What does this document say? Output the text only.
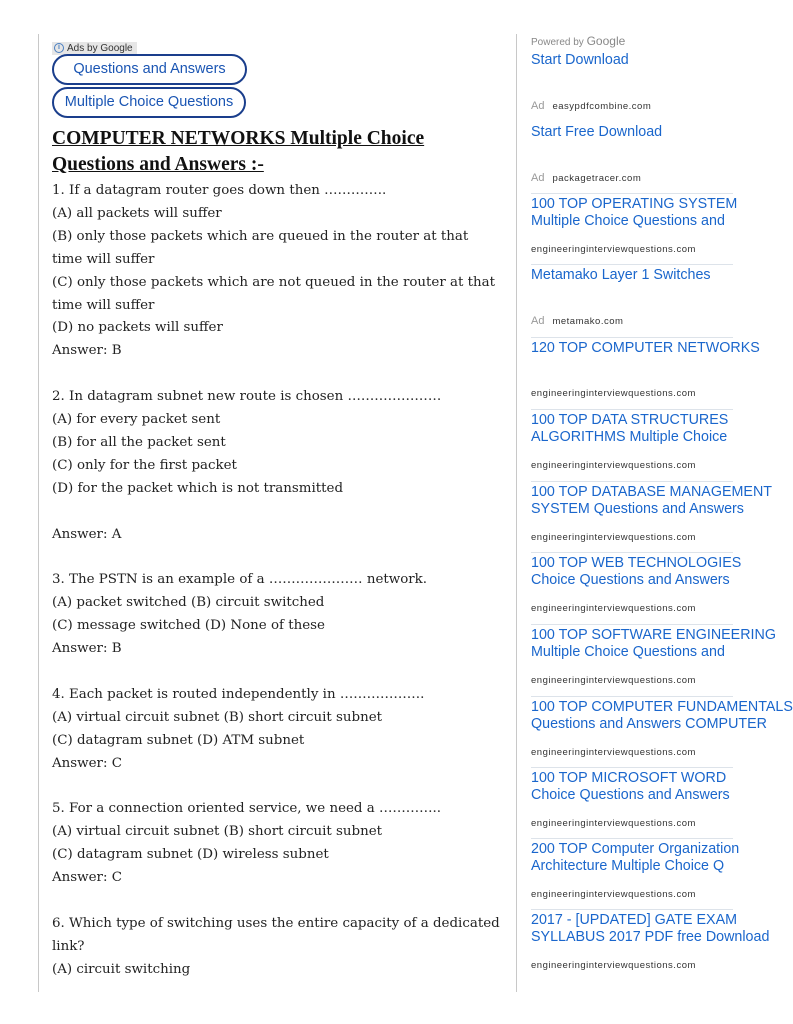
i Ads by Google
Questions and Answers
Multiple Choice Questions
COMPUTER NETWORKS Multiple Choice
Questions and Answers :-

1. If a datagram router goes down then …………..

(A) all packets will suffer

(B) only those packets which are queued in the router at that time will suffer

(C) only those packets which are not queued in the router at that time will suffer

(D) no packets will suffer

Answer: B

2. In datagram subnet new route is chosen …………………

(A) for every packet sent

(B) for all the packet sent

(C) only for the first packet

(D) for the packet which is not transmitted

Answer: A

3. The PSTN is an example of a ………………… network.

(A) packet switched (B) circuit switched

(C) message switched (D) None of these

Answer: B

4. Each packet is routed independently in ……………….

(A) virtual circuit subnet (B) short circuit subnet

(C) datagram subnet (D) ATM subnet

Answer: C

5. For a connection oriented service, we need a …………..

(A) virtual circuit subnet (B) short circuit subnet

(C) datagram subnet (D) wireless subnet

Answer: C

6. Which type of switching uses the entire capacity of a dedicated link?

(A) circuit switching

Powered by Google
Start Download
Ad easypdfcombine.com
Start Free Download
Ad packagetracer.com
100 TOP OPERATING SYSTEM
Multiple Choice Questions and
engineeringinterviewquestions.com
Metamako Layer 1 Switches
Ad metamako.com
120 TOP COMPUTER NETWORKS
engineeringinterviewquestions.com
100 TOP DATA STRUCTURES
ALGORITHMS Multiple Choice
engineeringinterviewquestions.com
100 TOP DATABASE MANAGEMENT
SYSTEM Questions and Answers
engineeringinterviewquestions.com
100 TOP WEB TECHNOLOGIES
Choice Questions and Answers
engineeringinterviewquestions.com
100 TOP SOFTWARE ENGINEERING
Multiple Choice Questions and
engineeringinterviewquestions.com
100 TOP COMPUTER FUNDAMENTALS
Questions and Answers COMPUTER
engineeringinterviewquestions.com
100 TOP MICROSOFT WORD
Choice Questions and Answers
engineeringinterviewquestions.com
200 TOP Computer Organization
Architecture Multiple Choice Q
engineeringinterviewquestions.com
2017 - [UPDATED] GATE EXAM
SYLLABUS 2017 PDF free Download
engineeringinterviewquestions.com
